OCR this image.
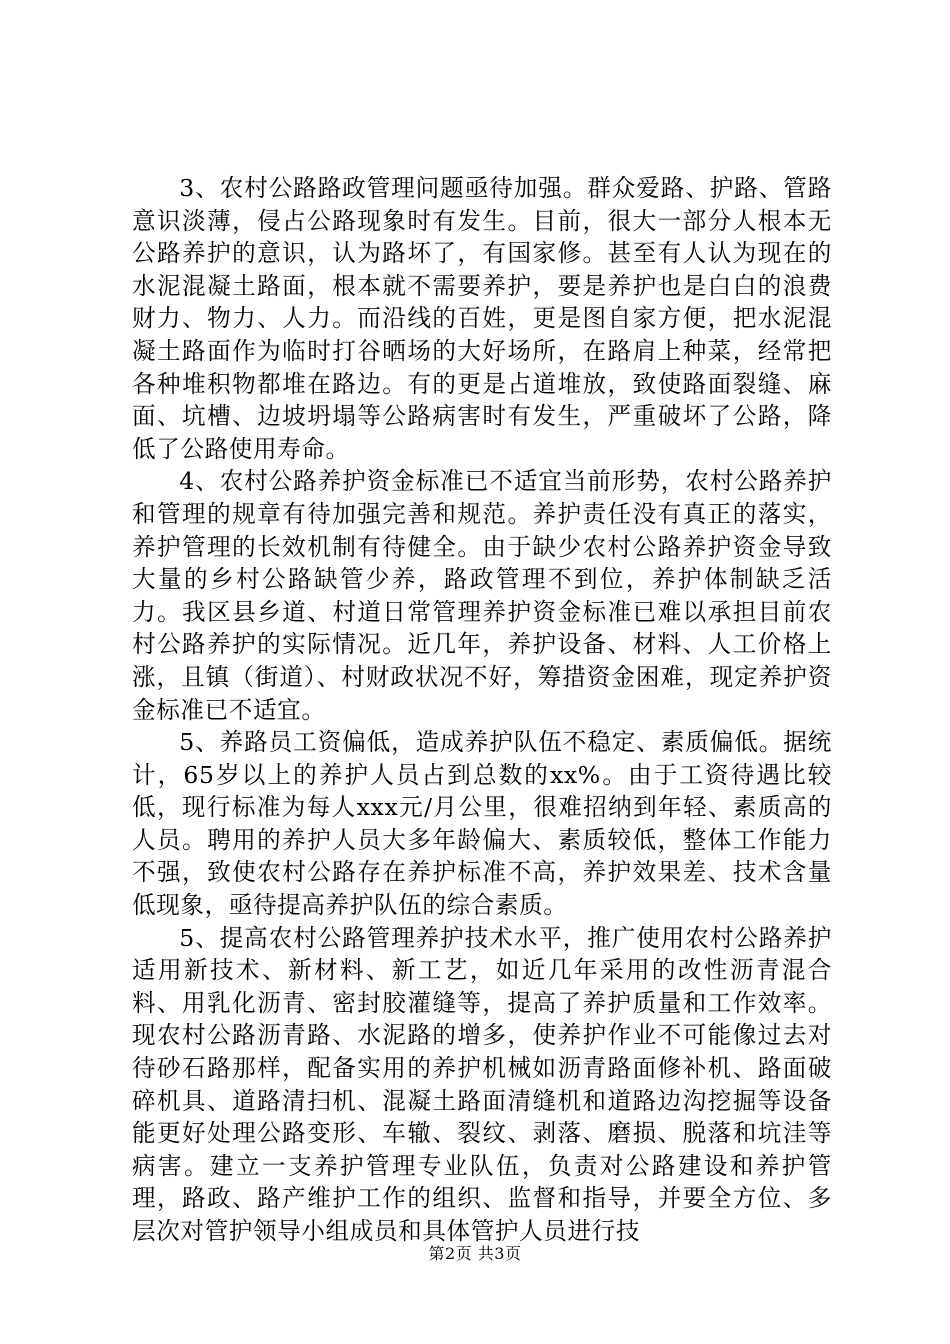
3、农村公路路政管理问题亟待加强。群众爱路、护路、管路意识淡薄，侵占公路现象时有发生。目前，很大一部分人根本无公路养护的意识，认为路坏了，有国家修。甚至有人认为现在的水泥混凝土路面，根本就不需要养护，要是养护也是白白的浪费财力、物力、人力。而沿线的百姓，更是图自家方便，把水泥混凝土路面作为临时打谷晒场的大好场所，在路肩上种菜，经常把各种堆积物都堆在路边。有的更是占道堆放，致使路面裂缝、麻面、坑槽、边坡坍塌等公路病害时有发生，严重破坏了公路，降低了公路使用寿命。

4、农村公路养护资金标准已不适宜当前形势，农村公路养护和管理的规章有待加强完善和规范。养护责任没有真正的落实，养护管理的长效机制有待健全。由于缺少农村公路养护资金导致大量的乡村公路缺管少养，路政管理不到位，养护体制缺乏活力。我区县乡道、村道日常管理养护资金标准已难以承担目前农村公路养护的实际情况。近几年，养护设备、材料、人工价格上涨，且镇（街道）、村财政状况不好，筹措资金困难，现定养护资金标准已不适宜。

5、养路员工资偏低，造成养护队伍不稳定、素质偏低。据统计，65岁以上的养护人员占到总数的xx%。由于工资待遇比较低，现行标准为每人xxx元/月公里，很难招纳到年轻、素质高的人员。聘用的养护人员大多年龄偏大、素质较低，整体工作能力不强，致使农村公路存在养护标准不高，养护效果差、技术含量低现象，亟待提高养护队伍的综合素质。

5、提高农村公路管理养护技术水平，推广使用农村公路养护适用新技术、新材料、新工艺，如近几年采用的改性沥青混合料、用乳化沥青、密封胶灌缝等，提高了养护质量和工作效率。现农村公路沥青路、水泥路的增多，使养护作业不可能像过去对待砂石路那样，配备实用的养护机械如沥青路面修补机、路面破碎机具、道路清扫机、混凝土路面清缝机和道路边沟挖掘等设备能更好处理公路变形、车辙、裂纹、剥落、磨损、脱落和坑洼等病害。建立一支养护管理专业队伍，负责对公路建设和养护管理，路政、路产维护工作的组织、监督和指导，并要全方位、多层次对管护领导小组成员和具体管护人员进行技

第2页 共3页
